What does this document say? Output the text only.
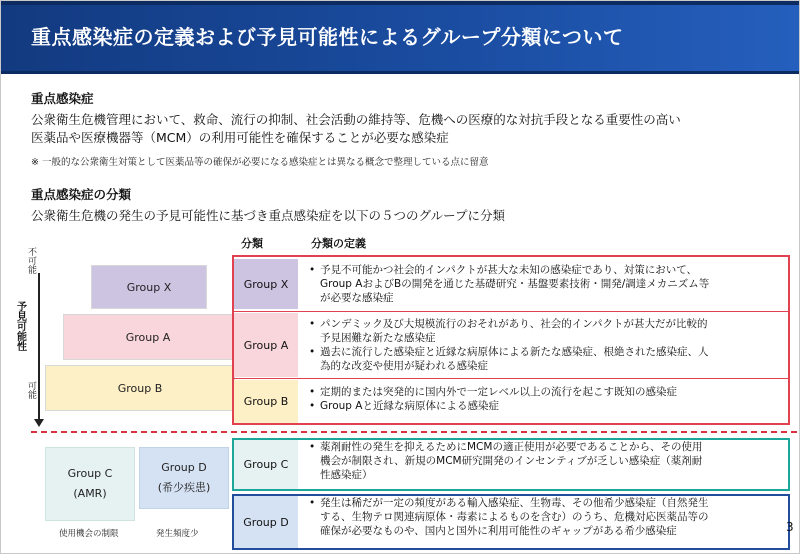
重点感染症の定義および予見可能性によるグループ分類について
重点感染症
公衆衛生危機管理において、救命、流行の抑制、社会活動の維持等、危機への医療的な対抗手段となる重要性の高い
医薬品や医療機器等（MCM）の利用可能性を確保することが必要な感染症
※ 一般的な公衆衛生対策として医薬品等の確保が必要になる感染症とは異なる概念で整理している点に留意
重点感染症の分類
公衆衛生危機の発生の予見可能性に基づき重点感染症を以下の５つのグループに分類
分類	分類の定義
不可能
予見可能性
可能
Group X
Group A
Group B
Group X
• 予見不可能かつ社会的インパクトが甚大な未知の感染症であり、対策において、
Group AおよびBの開発を通じた基礎研究・基盤要素技術・開発/調達メカニズム等
が必要な感染症
Group A
• パンデミック及び大規模流行のおそれがあり、社会的インパクトが甚大だが比較的
予見困難な新たな感染症
• 過去に流行した感染症と近縁な病原体による新たな感染症、根絶された感染症、人
為的な改変や使用が疑われる感染症
Group B
• 定期的または突発的に国内外で一定レベル以上の流行を起こす既知の感染症
• Group Aと近縁な病原体による感染症
Group C
• 薬剤耐性の発生を抑えるためにMCMの適正使用が必要であることから、その使用
機会が制限され、新規のMCM研究開発のインセンティブが乏しい感染症（薬剤耐
性感染症）
Group D
• 発生は稀だが一定の頻度がある輸入感染症、生物毒、その他希少感染症（自然発生
する、生物テロ関連病原体・毒素によるものを含む）のうち、危機対応医薬品等の
確保が必要なものや、国内と国外に利用可能性のギャップがある希少感染症
Group C
(AMR)
Group D
(希少疾患)
使用機会の制限	発生頻度少	3
